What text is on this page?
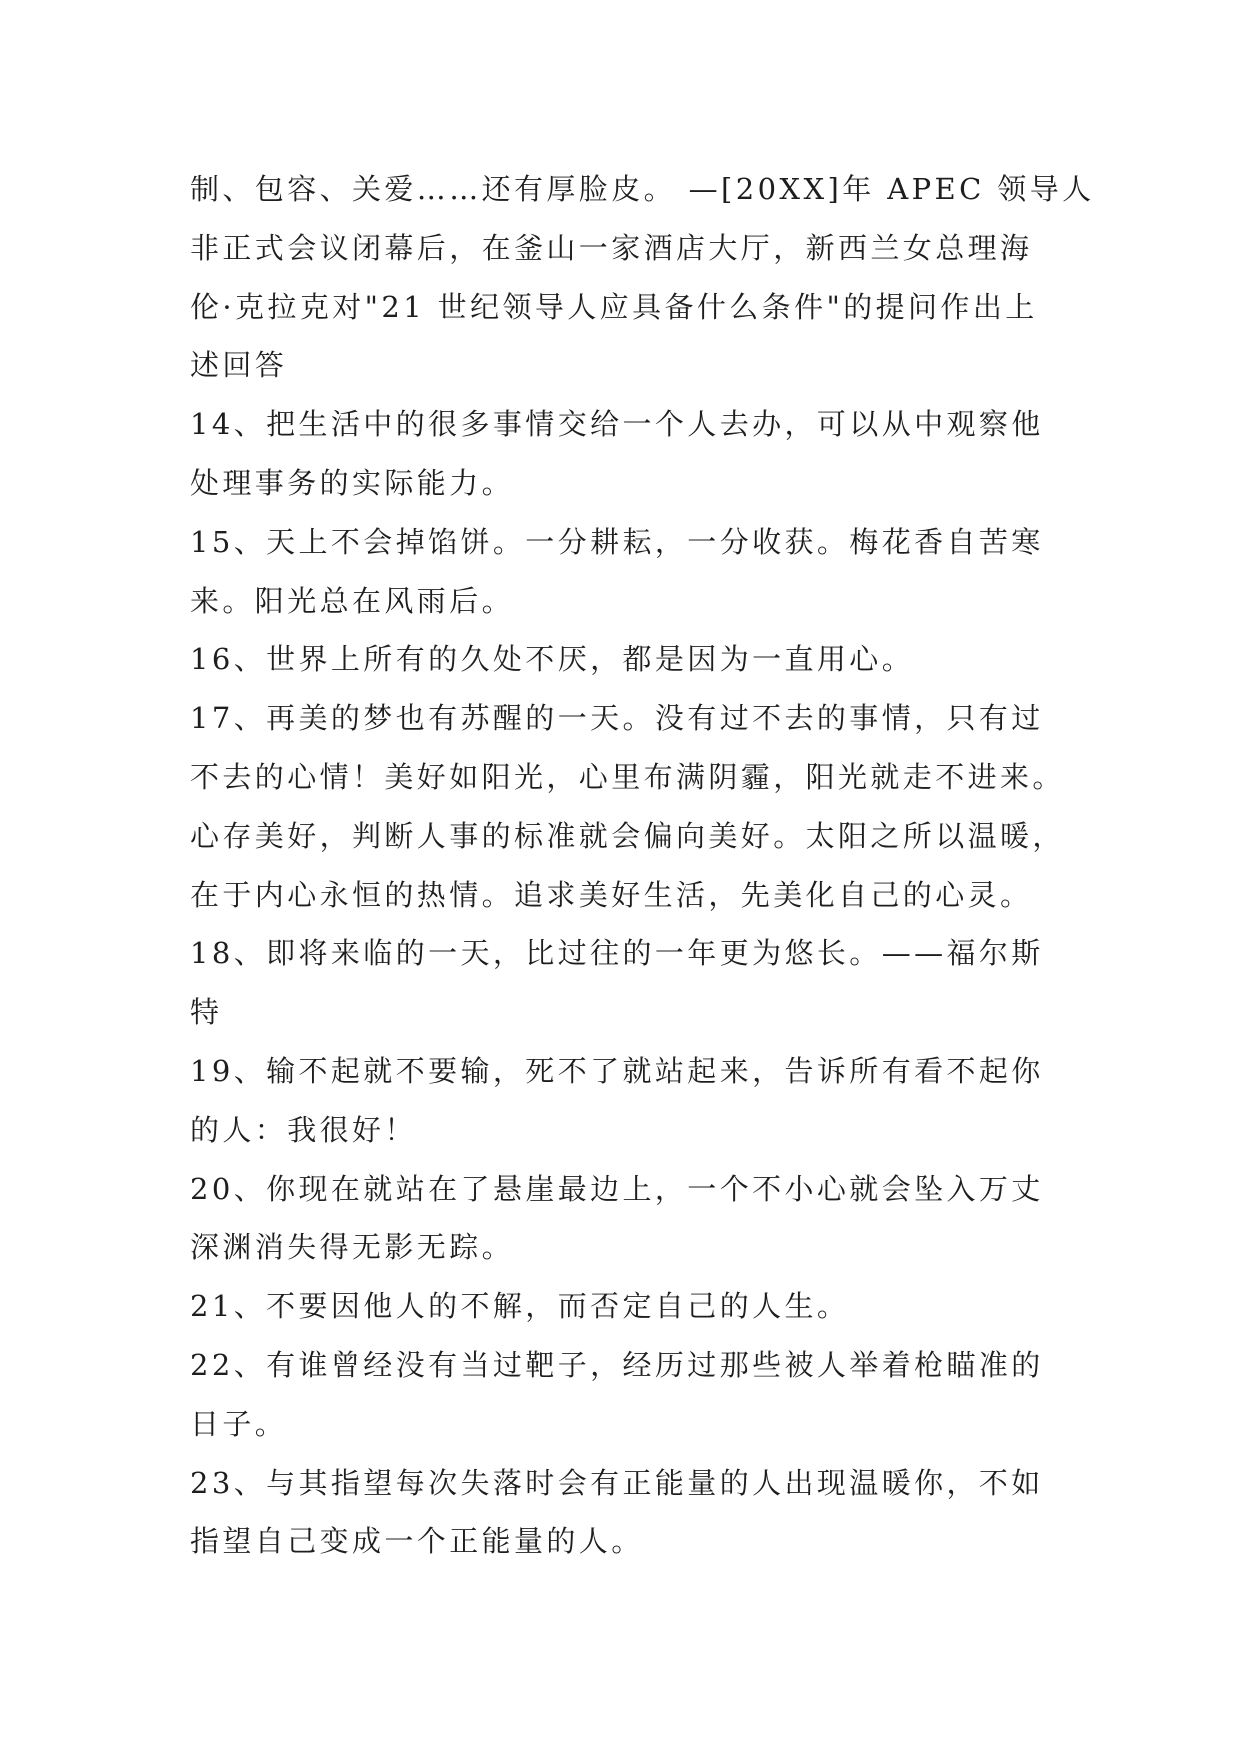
制、包容、关爱……还有厚脸皮。 —[20XX]年 APEC 领导人
非正式会议闭幕后，在釜山一家酒店大厅，新西兰女总理海
伦·克拉克对"21 世纪领导人应具备什么条件"的提问作出上
述回答
14、把生活中的很多事情交给一个人去办，可以从中观察他
处理事务的实际能力。
15、天上不会掉馅饼。一分耕耘，一分收获。梅花香自苦寒
来。阳光总在风雨后。
16、世界上所有的久处不厌，都是因为一直用心。
17、再美的梦也有苏醒的一天。没有过不去的事情，只有过
不去的心情！美好如阳光，心里布满阴霾，阳光就走不进来。
心存美好，判断人事的标准就会偏向美好。太阳之所以温暖，
在于内心永恒的热情。追求美好生活，先美化自己的心灵。
18、即将来临的一天，比过往的一年更为悠长。——福尔斯
特
19、输不起就不要输，死不了就站起来，告诉所有看不起你
的人：我很好！
20、你现在就站在了悬崖最边上，一个不小心就会坠入万丈
深渊消失得无影无踪。
21、不要因他人的不解，而否定自己的人生。
22、有谁曾经没有当过靶子，经历过那些被人举着枪瞄准的
日子。
23、与其指望每次失落时会有正能量的人出现温暖你，不如
指望自己变成一个正能量的人。
